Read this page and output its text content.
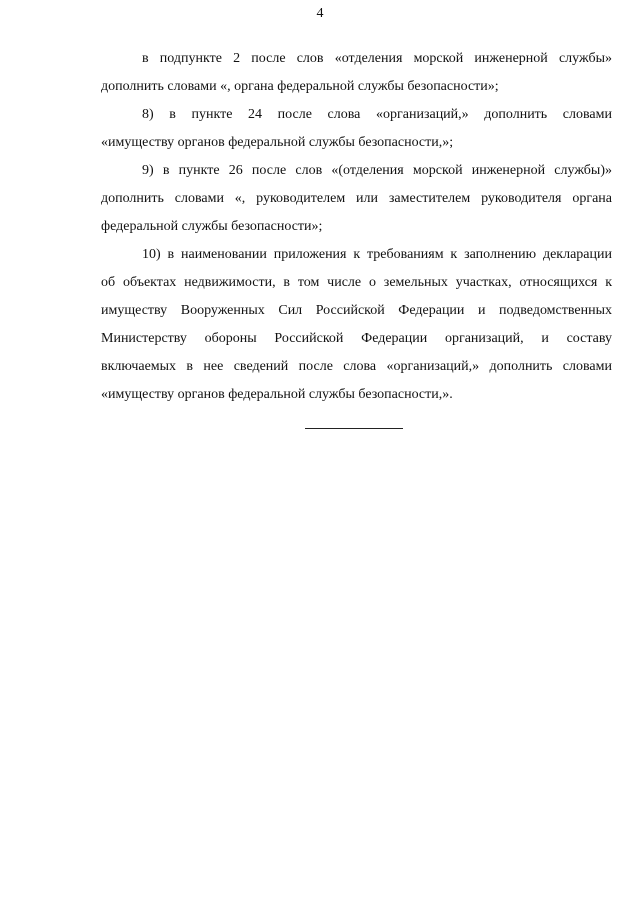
4
в подпункте 2 после слов «отделения морской инженерной службы»
дополнить словами «, органа федеральной службы безопасности»;
8) в пункте 24 после слова «организаций,» дополнить словами
«имуществу органов федеральной службы безопасности,»;
9) в пункте 26 после слов «(отделения морской инженерной службы)»
дополнить словами «, руководителем или заместителем руководителя органа
федеральной службы безопасности»;
10) в наименовании приложения к требованиям к заполнению декларации
об объектах недвижимости, в том числе о земельных участках, относящихся к
имуществу Вооруженных Сил Российской Федерации и подведомственных
Министерству обороны Российской Федерации организаций, и составу
включаемых в нее сведений после слова «организаций,» дополнить словами
«имуществу органов федеральной службы безопасности,».
